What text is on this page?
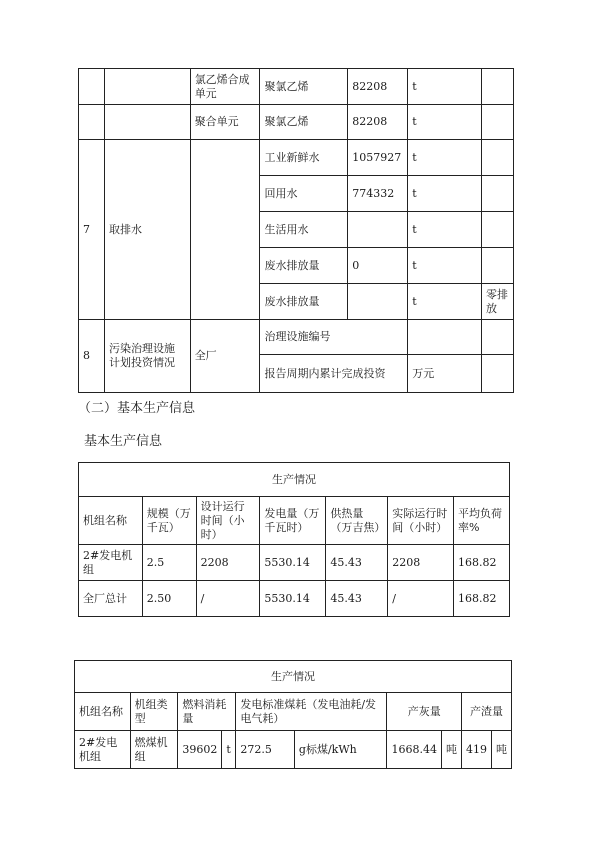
		氯乙烯合成单元	聚氯乙烯	82208	t	
		聚合单元	聚氯乙烯	82208	t	
7	取排水		工业新鲜水	1057927	t	
			回用水	774332	t	
			生活用水		t	
			废水排放量	0	t	
			废水排放量		t	零排放
8	污染治理设施计划投资情况	全厂	治理设施编号			
			报告周期内累计完成投资		万元	
（二）基本生产信息
基本生产信息
生产情况						
机组名称	规模（万千瓦）	设计运行时间（小时）	发电量（万千瓦时）	供热量（万吉焦）	实际运行时间（小时）	平均负荷率%
2#发电机组	2.5	2208	5530.14	45.43	2208	168.82
全厂总计	2.50	/	5530.14	45.43	/	168.82
生产情况									
机组名称	机组类型	燃料消耗量		发电标准煤耗（发电油耗/发电气耗）		产灰量		产渣量	
2#发电机组	燃煤机组	39602	t	272.5	g标煤/kWh	1668.44	吨	419	吨
